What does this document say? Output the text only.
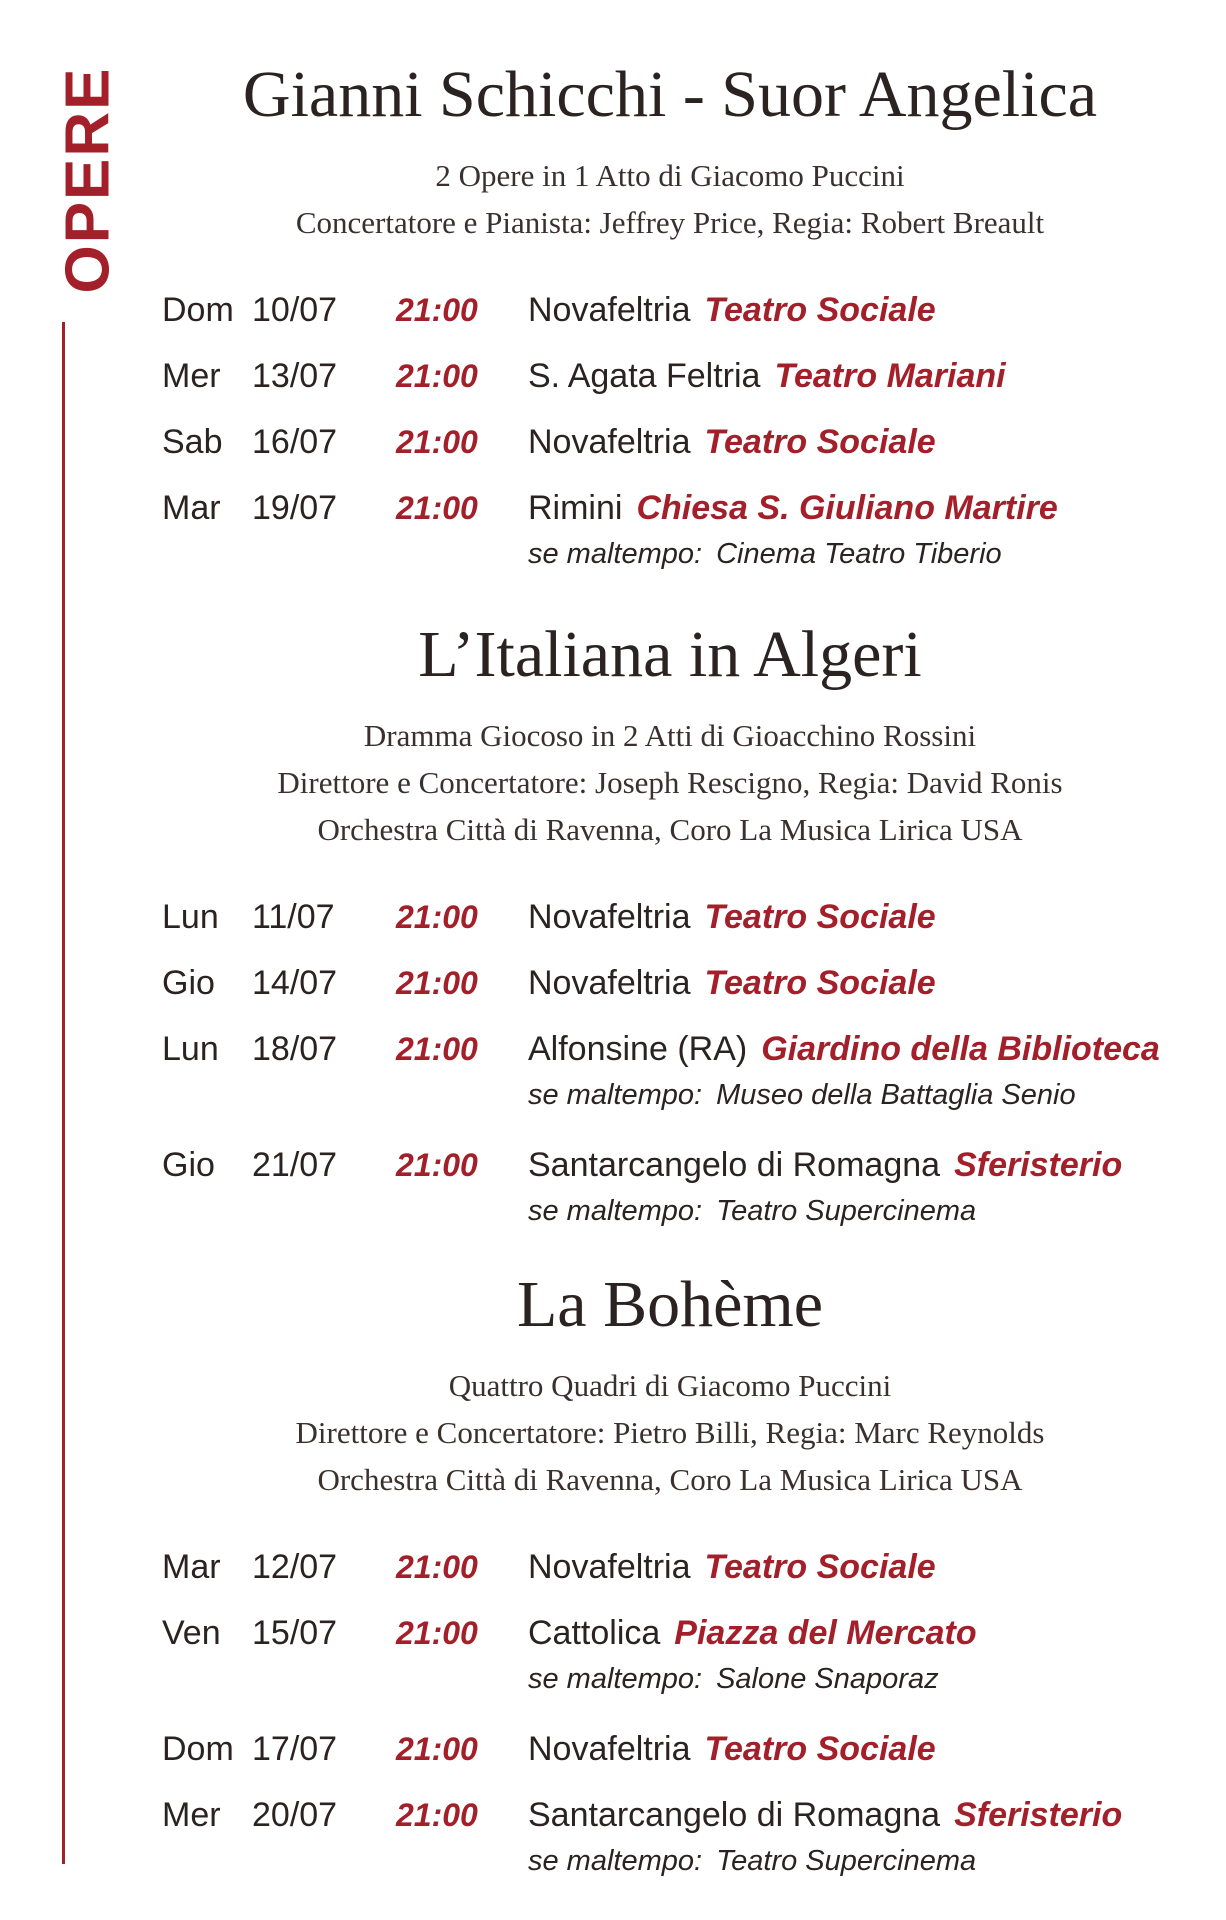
OPERE	Gianni Schicchi - Suor Angelica

2 Opere in 1 Atto di Giacomo Puccini

Concertatore e Pianista: Jeffrey Price, Regia: Robert Breault

Dom 10/07 21:00 Novafeltria Teatro Sociale
Mer 13/07 21:00 S. Agata Feltria Teatro Mariani
Sab 16/07 21:00 Novafeltria Teatro Sociale
Mar 19/07 21:00 Rimini Chiesa S. Giuliano Martire
se maltempo: Cinema Teatro Tiberio
L’Italiana in Algeri

Dramma Giocoso in 2 Atti di Gioacchino Rossini

Direttore e Concertatore: Joseph Rescigno, Regia: David Ronis

Orchestra Città di Ravenna, Coro La Musica Lirica USA

Lun 11/07 21:00 Novafeltria Teatro Sociale
Gio 14/07 21:00 Novafeltria Teatro Sociale
Lun 18/07 21:00 Alfonsine (RA) Giardino della Biblioteca
se maltempo: Museo della Battaglia Senio
Gio 21/07 21:00 Santarcangelo di Romagna Sferisterio
se maltempo: Teatro Supercinema
La Bohème

Quattro Quadri di Giacomo Puccini

Direttore e Concertatore: Pietro Billi, Regia: Marc Reynolds

Orchestra Città di Ravenna, Coro La Musica Lirica USA

Mar 12/07 21:00 Novafeltria Teatro Sociale
Ven 15/07 21:00 Cattolica Piazza del Mercato
se maltempo: Salone Snaporaz
Dom 17/07 21:00 Novafeltria Teatro Sociale
Mer 20/07 21:00 Santarcangelo di Romagna Sferisterio
se maltempo: Teatro Supercinema
